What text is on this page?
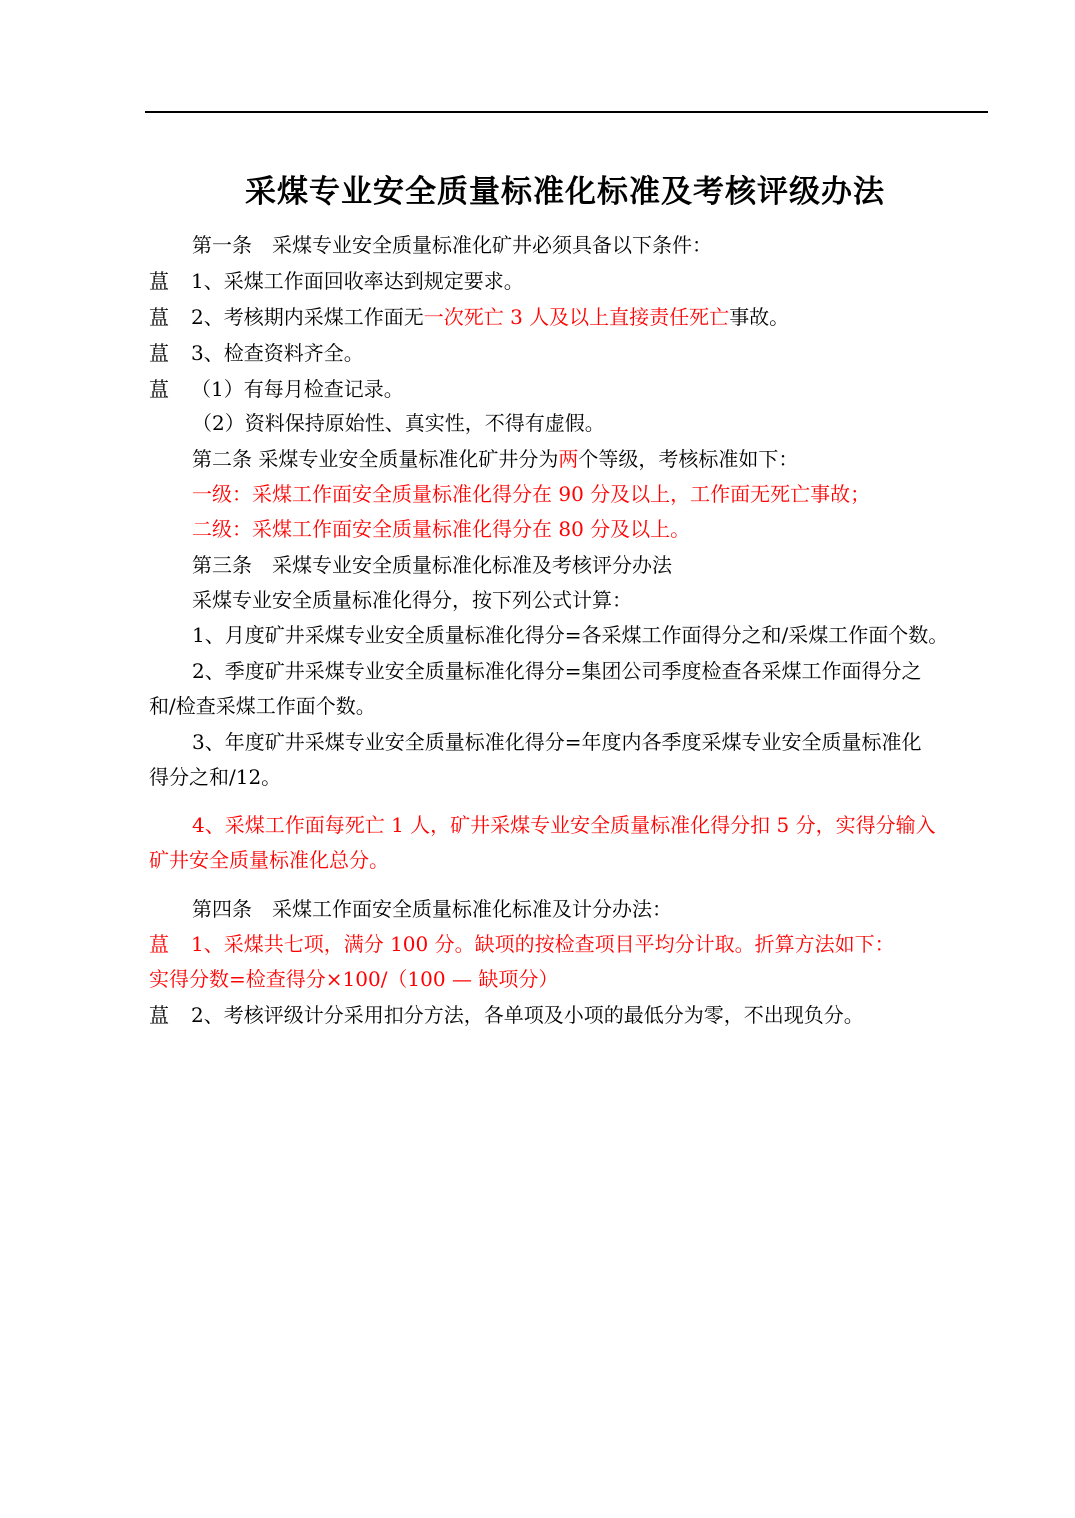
采煤专业安全质量标准化标准及考核评级办法
第一条  采煤专业安全质量标准化矿井必须具备以下条件：
蒀 1、采煤工作面回收率达到规定要求。
蒀 2、考核期内采煤工作面无一次死亡 3 人及以上直接责任死亡事故。
蒀 3、检查资料齐全。
蒀 （1）有每月检查记录。
（2）资料保持原始性、真实性，不得有虚假。
第二条 采煤专业安全质量标准化矿井分为两个等级，考核标准如下：
一级：采煤工作面安全质量标准化得分在 90 分及以上，工作面无死亡事故；
二级：采煤工作面安全质量标准化得分在 80 分及以上。
第三条  采煤专业安全质量标准化标准及考核评分办法
采煤专业安全质量标准化得分，按下列公式计算：
1、月度矿井采煤专业安全质量标准化得分=各采煤工作面得分之和/采煤工作面个数。
2、季度矿井采煤专业安全质量标准化得分=集团公司季度检查各采煤工作面得分之
和/检查采煤工作面个数。
3、年度矿井采煤专业安全质量标准化得分=年度内各季度采煤专业安全质量标准化
得分之和/12。
4、采煤工作面每死亡 1 人，矿井采煤专业安全质量标准化得分扣 5 分，实得分输入
矿井安全质量标准化总分。
第四条  采煤工作面安全质量标准化标准及计分办法：
蒀 1、采煤共七项，满分 100 分。缺项的按检查项目平均分计取。折算方法如下：
实得分数=检查得分×100/（100 — 缺项分）
蒀 2、考核评级计分采用扣分方法，各单项及小项的最低分为零，不出现负分。
